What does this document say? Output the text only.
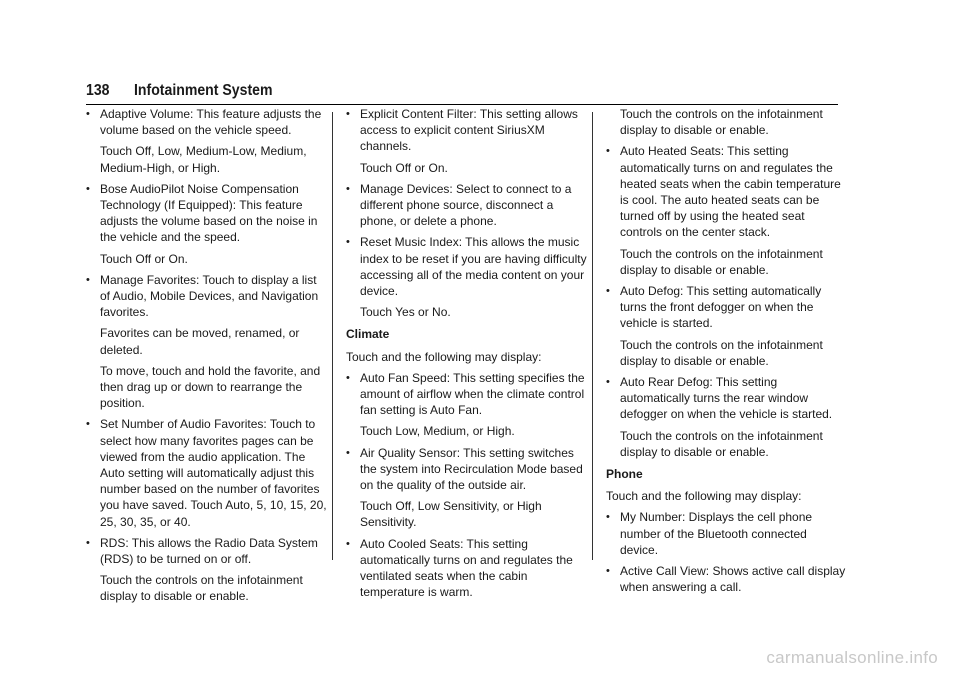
138 Infotainment System
• Adaptive Volume: This feature adjusts the volume based on the vehicle speed.
Touch Off, Low, Medium-Low, Medium, Medium-High, or High.
• Bose AudioPilot Noise Compensation Technology (If Equipped): This feature adjusts the volume based on the noise in the vehicle and the speed.
Touch Off or On.
• Manage Favorites: Touch to display a list of Audio, Mobile Devices, and Navigation favorites.
Favorites can be moved, renamed, or deleted.
To move, touch and hold the favorite, and then drag up or down to rearrange the position.
• Set Number of Audio Favorites: Touch to select how many favorites pages can be viewed from the audio application. The Auto setting will automatically adjust this number based on the number of favorites you have saved. Touch Auto, 5, 10, 15, 20, 25, 30, 35, or 40.
• RDS: This allows the Radio Data System (RDS) to be turned on or off.
Touch the controls on the infotainment display to disable or enable.
• Explicit Content Filter: This setting allows access to explicit content SiriusXM channels.
Touch Off or On.
• Manage Devices: Select to connect to a different phone source, disconnect a phone, or delete a phone.
• Reset Music Index: This allows the music index to be reset if you are having difficulty accessing all of the media content on your device.
Touch Yes or No.
Climate
Touch and the following may display:
• Auto Fan Speed: This setting specifies the amount of airflow when the climate control fan setting is Auto Fan.
Touch Low, Medium, or High.
• Air Quality Sensor: This setting switches the system into Recirculation Mode based on the quality of the outside air.
Touch Off, Low Sensitivity, or High Sensitivity.
• Auto Cooled Seats: This setting automatically turns on and regulates the ventilated seats when the cabin temperature is warm.
Touch the controls on the infotainment display to disable or enable.
• Auto Heated Seats: This setting automatically turns on and regulates the heated seats when the cabin temperature is cool. The auto heated seats can be turned off by using the heated seat controls on the center stack.
Touch the controls on the infotainment display to disable or enable.
• Auto Defog: This setting automatically turns the front defogger on when the vehicle is started.
Touch the controls on the infotainment display to disable or enable.
• Auto Rear Defog: This setting automatically turns the rear window defogger on when the vehicle is started.
Touch the controls on the infotainment display to disable or enable.
Phone
Touch and the following may display:
• My Number: Displays the cell phone number of the Bluetooth connected device.
• Active Call View: Shows active call display when answering a call.
carmanualsonline.info
